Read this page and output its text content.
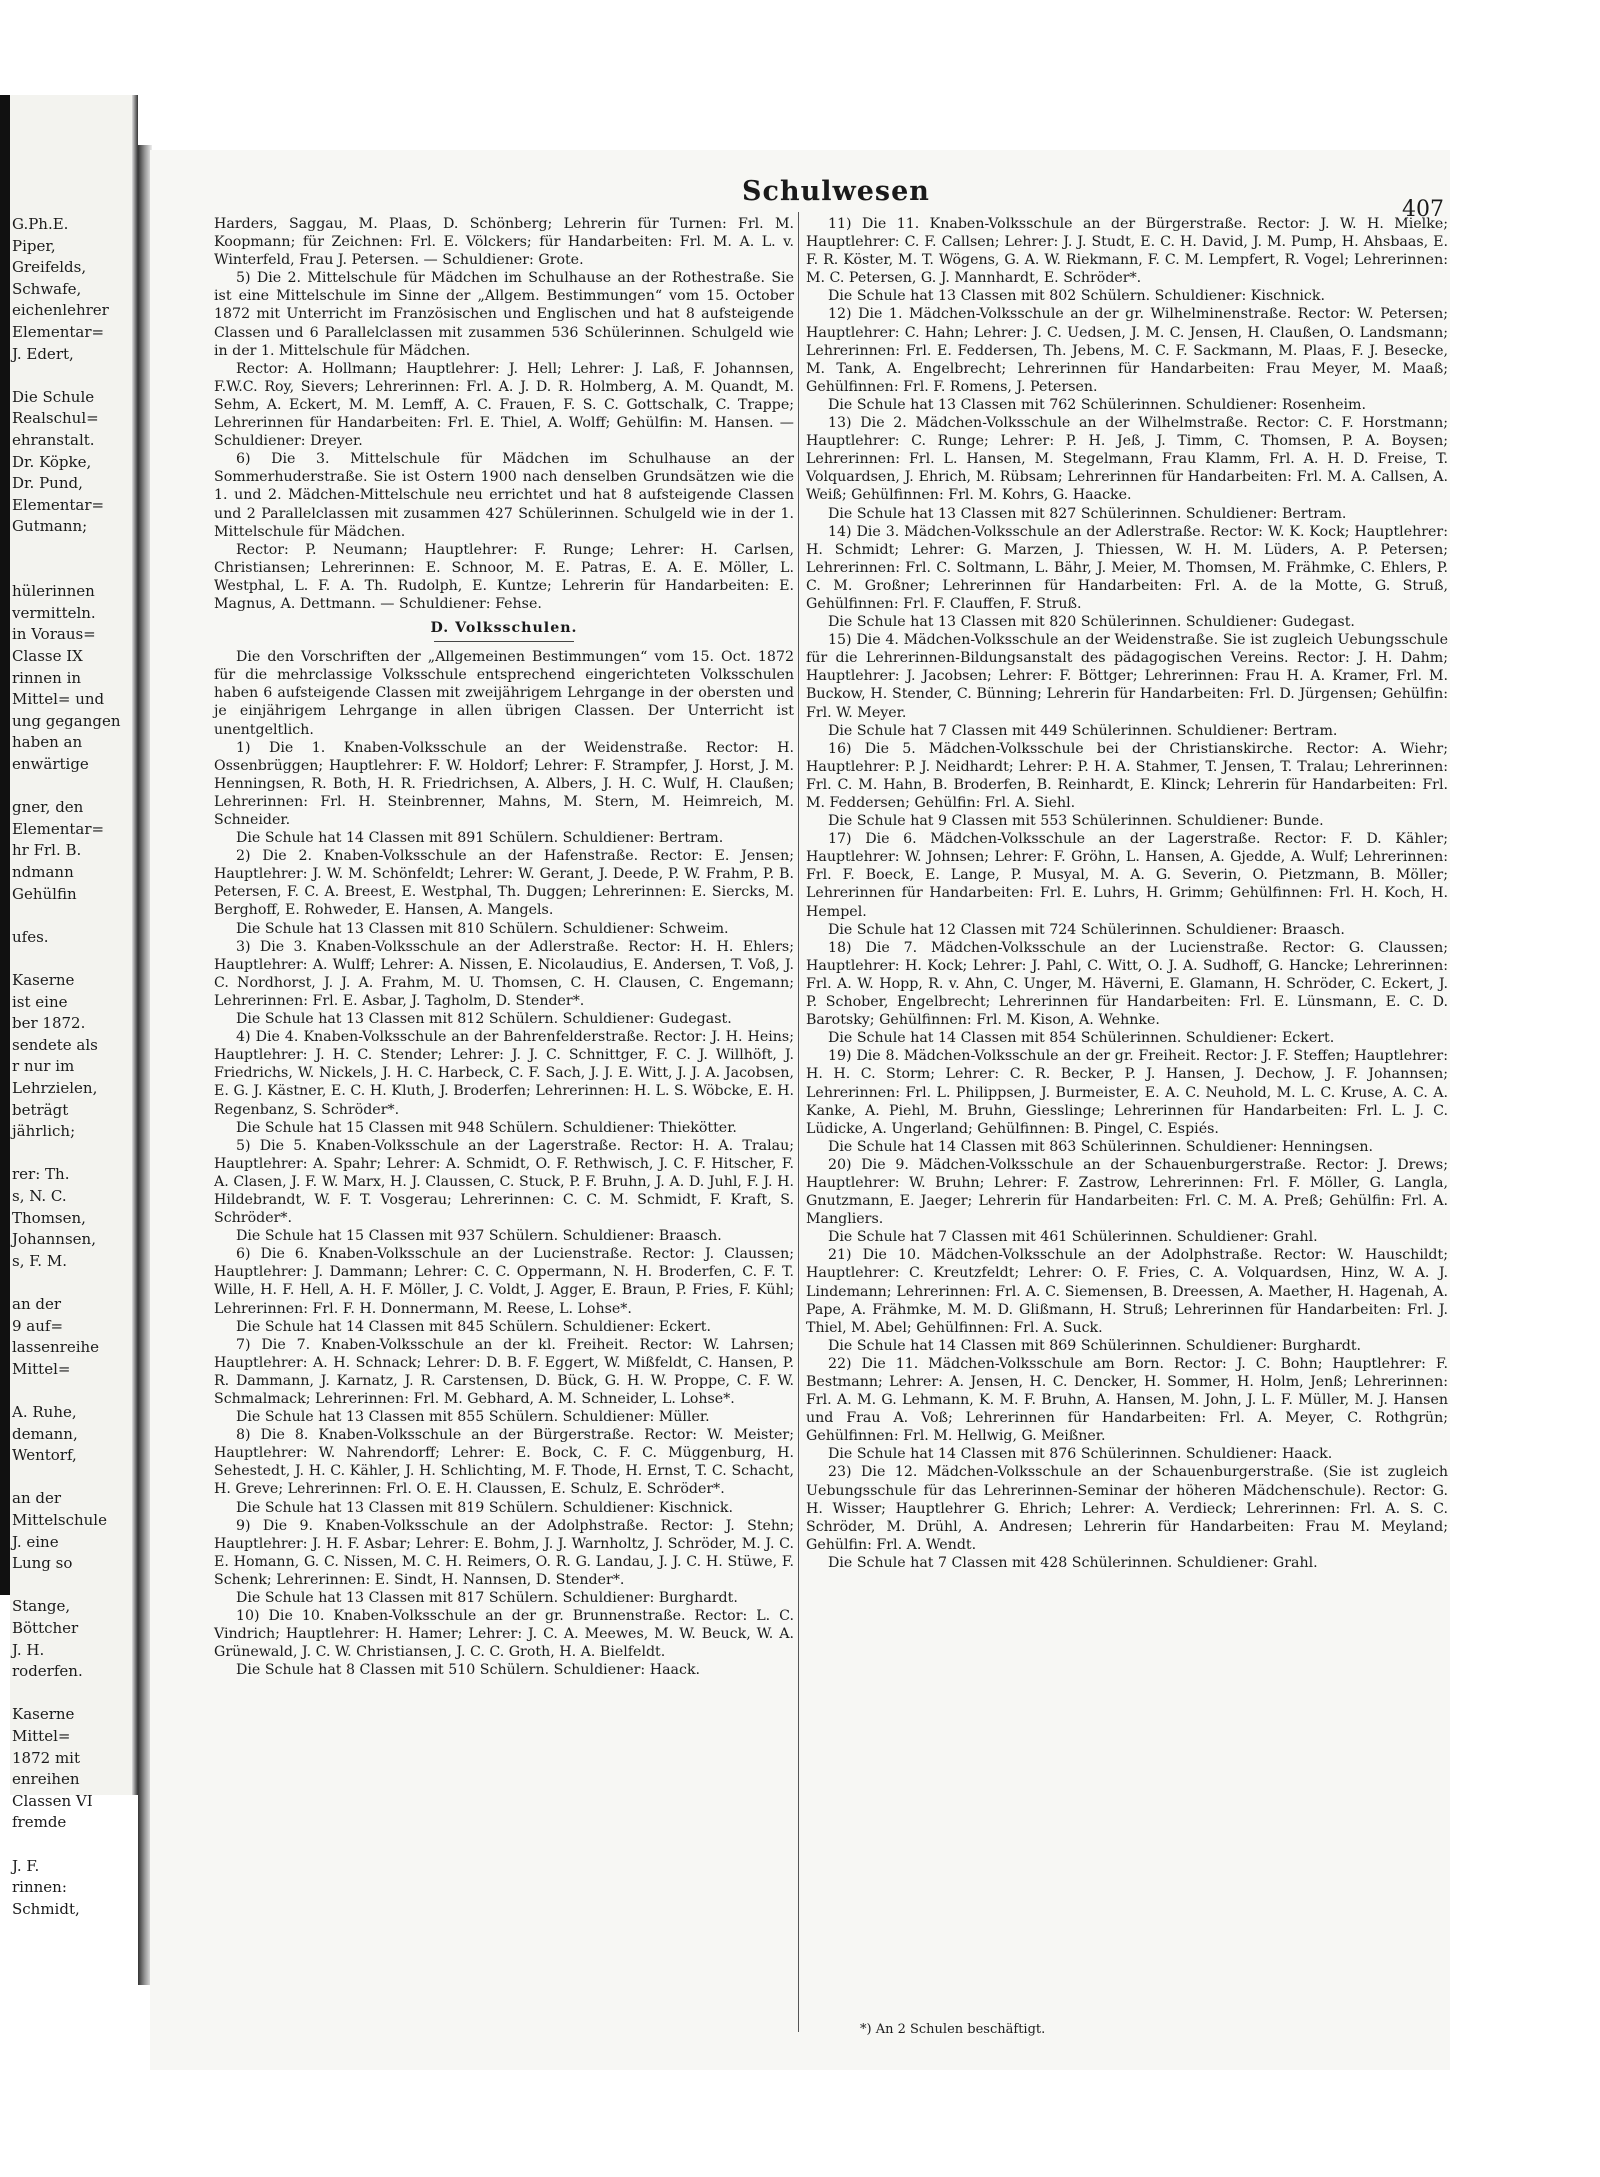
G.Ph.E.
Piper,
Greifelds,
Schwafe,
eichenlehrer
Elementar=
J. Edert,
Die Schule
Realschul=
ehranstalt.
Dr. Köpke,
Dr. Pund,
Elementar=
Gutmann;
hülerinnen
vermitteln.
in Voraus=
Classe IX
rinnen in
Mittel= und
ung gegangen
haben an
enwärtige
gner, den
Elementar=
hr Frl. B.
ndmann
Gehülfin
ufes.
Kaserne
ist eine
ber 1872.
sendete als
r nur im
Lehrzielen,
beträgt
jährlich;
rer: Th.
s, N. C.
Thomsen,
Johannsen,
s, F. M.
an der
9 auf=
lassenreihe
Mittel=
A. Ruhe,
demann,
Wentorf,
an der
Mittelschule
J. eine
Lung so
Stange,
Böttcher
J. H.
roderfen.
Kaserne
Mittel=
1872 mit
enreihen
Classen VI
fremde
J. F.
rinnen:
Schmidt,
Schulwesen
407

Harders, Saggau, M. Plaas, D. Schönberg; Lehrerin für Turnen: Frl. M. Koopmann; für Zeichnen: Frl. E. Völckers; für Handarbeiten: Frl. M. A. L. v. Winterfeld, Frau J. Petersen. — Schuldiener: Grote.

5) Die 2. Mittelschule für Mädchen im Schulhause an der Rothestraße. Sie ist eine Mittelschule im Sinne der „Allgem. Bestimmungen“ vom 15. October 1872 mit Unterricht im Französischen und Englischen und hat 8 aufsteigende Classen und 6 Parallelclassen mit zusammen 536 Schülerinnen. Schulgeld wie in der 1. Mittelschule für Mädchen.

Rector: A. Hollmann; Hauptlehrer: J. Hell; Lehrer: J. Laß, F. Johannsen, F.W.C. Roy, Sievers; Lehrerinnen: Frl. A. J. D. R. Holmberg, A. M. Quandt, M. Sehm, A. Eckert, M. M. Lemff, A. C. Frauen, F. S. C. Gottschalk, C. Trappe; Lehrerinnen für Handarbeiten: Frl. E. Thiel, A. Wolff; Gehülfin: M. Hansen. — Schuldiener: Dreyer.

6) Die 3. Mittelschule für Mädchen im Schulhause an der Sommerhuderstraße. Sie ist Ostern 1900 nach denselben Grundsätzen wie die 1. und 2. Mädchen-Mittelschule neu errichtet und hat 8 aufsteigende Classen und 2 Parallelclassen mit zusammen 427 Schülerinnen. Schulgeld wie in der 1. Mittelschule für Mädchen.

Rector: P. Neumann; Hauptlehrer: F. Runge; Lehrer: H. Carlsen, Christiansen; Lehrerinnen: E. Schnoor, M. E. Patras, E. A. E. Möller, L. Westphal, L. F. A. Th. Rudolph, E. Kuntze; Lehrerin für Handarbeiten: E. Magnus, A. Dettmann. — Schuldiener: Fehse.

D. Volksschulen.

Die den Vorschriften der „Allgemeinen Bestimmungen“ vom 15. Oct. 1872 für die mehrclassige Volksschule entsprechend eingerichteten Volksschulen haben 6 aufsteigende Classen mit zweijährigem Lehrgange in der obersten und je einjährigem Lehrgange in allen übrigen Classen. Der Unterricht ist unentgeltlich.

1) Die 1. Knaben-Volksschule an der Weidenstraße. Rector: H. Ossenbrüggen; Hauptlehrer: F. W. Holdorf; Lehrer: F. Strampfer, J. Horst, J. M. Henningsen, R. Both, H. R. Friedrichsen, A. Albers, J. H. C. Wulf, H. Claußen; Lehrerinnen: Frl. H. Steinbrenner, Mahns, M. Stern, M. Heimreich, M. Schneider.

Die Schule hat 14 Classen mit 891 Schülern. Schuldiener: Bertram.

2) Die 2. Knaben-Volksschule an der Hafenstraße. Rector: E. Jensen; Hauptlehrer: J. W. M. Schönfeldt; Lehrer: W. Gerant, J. Deede, P. W. Frahm, P. B. Petersen, F. C. A. Breest, E. Westphal, Th. Duggen; Lehrerinnen: E. Siercks, M. Berghoff, E. Rohweder, E. Hansen, A. Mangels.

Die Schule hat 13 Classen mit 810 Schülern. Schuldiener: Schweim.

3) Die 3. Knaben-Volksschule an der Adlerstraße. Rector: H. H. Ehlers; Hauptlehrer: A. Wulff; Lehrer: A. Nissen, E. Nicolaudius, E. Andersen, T. Voß, J. C. Nordhorst, J. J. A. Frahm, M. U. Thomsen, C. H. Clausen, C. Engemann; Lehrerinnen: Frl. E. Asbar, J. Tagholm, D. Stender*.

Die Schule hat 13 Classen mit 812 Schülern. Schuldiener: Gudegast.

4) Die 4. Knaben-Volksschule an der Bahrenfelderstraße. Rector: J. H. Heins; Hauptlehrer: J. H. C. Stender; Lehrer: J. J. C. Schnittger, F. C. J. Willhöft, J. Friedrichs, W. Nickels, J. H. C. Harbeck, C. F. Sach, J. J. E. Witt, J. J. A. Jacobsen, E. G. J. Kästner, E. C. H. Kluth, J. Broderfen; Lehrerinnen: H. L. S. Wöbcke, E. H. Regenbanz, S. Schröder*.

Die Schule hat 15 Classen mit 948 Schülern. Schuldiener: Thiekötter.

5) Die 5. Knaben-Volksschule an der Lagerstraße. Rector: H. A. Tralau; Hauptlehrer: A. Spahr; Lehrer: A. Schmidt, O. F. Rethwisch, J. C. F. Hitscher, F. A. Clasen, J. F. W. Marx, H. J. Claussen, C. Stuck, P. F. Bruhn, J. A. D. Juhl, F. J. H. Hildebrandt, W. F. T. Vosgerau; Lehrerinnen: C. C. M. Schmidt, F. Kraft, S. Schröder*.

Die Schule hat 15 Classen mit 937 Schülern. Schuldiener: Braasch.

6) Die 6. Knaben-Volksschule an der Lucienstraße. Rector: J. Claussen; Hauptlehrer: J. Dammann; Lehrer: C. C. Oppermann, N. H. Broderfen, C. F. T. Wille, H. F. Hell, A. H. F. Möller, J. C. Voldt, J. Agger, E. Braun, P. Fries, F. Kühl; Lehrerinnen: Frl. F. H. Donnermann, M. Reese, L. Lohse*.

Die Schule hat 14 Classen mit 845 Schülern. Schuldiener: Eckert.

7) Die 7. Knaben-Volksschule an der kl. Freiheit. Rector: W. Lahrsen; Hauptlehrer: A. H. Schnack; Lehrer: D. B. F. Eggert, W. Mißfeldt, C. Hansen, P. R. Dammann, J. Karnatz, J. R. Carstensen, D. Bück, G. H. W. Proppe, C. F. W. Schmalmack; Lehrerinnen: Frl. M. Gebhard, A. M. Schneider, L. Lohse*.

Die Schule hat 13 Classen mit 855 Schülern. Schuldiener: Müller.

8) Die 8. Knaben-Volksschule an der Bürgerstraße. Rector: W. Meister; Hauptlehrer: W. Nahrendorff; Lehrer: E. Bock, C. F. C. Müggenburg, H. Sehestedt, J. H. C. Kähler, J. H. Schlichting, M. F. Thode, H. Ernst, T. C. Schacht, H. Greve; Lehrerinnen: Frl. O. E. H. Claussen, E. Schulz, E. Schröder*.

Die Schule hat 13 Classen mit 819 Schülern. Schuldiener: Kischnick.

9) Die 9. Knaben-Volksschule an der Adolphstraße. Rector: J. Stehn; Hauptlehrer: J. H. F. Asbar; Lehrer: E. Bohm, J. J. Warnholtz, J. Schröder, M. J. C. E. Homann, G. C. Nissen, M. C. H. Reimers, O. R. G. Landau, J. J. C. H. Stüwe, F. Schenk; Lehrerinnen: E. Sindt, H. Nannsen, D. Stender*.

Die Schule hat 13 Classen mit 817 Schülern. Schuldiener: Burghardt.

10) Die 10. Knaben-Volksschule an der gr. Brunnenstraße. Rector: L. C. Vindrich; Hauptlehrer: H. Hamer; Lehrer: J. C. A. Meewes, M. W. Beuck, W. A. Grünewald, J. C. W. Christiansen, J. C. C. Groth, H. A. Bielfeldt.

Die Schule hat 8 Classen mit 510 Schülern. Schuldiener: Haack.

11) Die 11. Knaben-Volksschule an der Bürgerstraße. Rector: J. W. H. Mielke; Hauptlehrer: C. F. Callsen; Lehrer: J. J. Studt, E. C. H. David, J. M. Pump, H. Ahsbaas, E. F. R. Köster, M. T. Wögens, G. A. W. Riekmann, F. C. M. Lempfert, R. Vogel; Lehrerinnen: M. C. Petersen, G. J. Mannhardt, E. Schröder*.

Die Schule hat 13 Classen mit 802 Schülern. Schuldiener: Kischnick.

12) Die 1. Mädchen-Volksschule an der gr. Wilhelminenstraße. Rector: W. Petersen; Hauptlehrer: C. Hahn; Lehrer: J. C. Uedsen, J. M. C. Jensen, H. Claußen, O. Landsmann; Lehrerinnen: Frl. E. Feddersen, Th. Jebens, M. C. F. Sackmann, M. Plaas, F. J. Besecke, M. Tank, A. Engelbrecht; Lehrerinnen für Handarbeiten: Frau Meyer, M. Maaß; Gehülfinnen: Frl. F. Romens, J. Petersen.

Die Schule hat 13 Classen mit 762 Schülerinnen. Schuldiener: Rosenheim.

13) Die 2. Mädchen-Volksschule an der Wilhelmstraße. Rector: C. F. Horstmann; Hauptlehrer: C. Runge; Lehrer: P. H. Jeß, J. Timm, C. Thomsen, P. A. Boysen; Lehrerinnen: Frl. L. Hansen, M. Stegelmann, Frau Klamm, Frl. A. H. D. Freise, T. Volquardsen, J. Ehrich, M. Rübsam; Lehrerinnen für Handarbeiten: Frl. M. A. Callsen, A. Weiß; Gehülfinnen: Frl. M. Kohrs, G. Haacke.

Die Schule hat 13 Classen mit 827 Schülerinnen. Schuldiener: Bertram.

14) Die 3. Mädchen-Volksschule an der Adlerstraße. Rector: W. K. Kock; Hauptlehrer: H. Schmidt; Lehrer: G. Marzen, J. Thiessen, W. H. M. Lüders, A. P. Petersen; Lehrerinnen: Frl. C. Soltmann, L. Bähr, J. Meier, M. Thomsen, M. Frähmke, C. Ehlers, P. C. M. Großner; Lehrerinnen für Handarbeiten: Frl. A. de la Motte, G. Struß, Gehülfinnen: Frl. F. Clauffen, F. Struß.

Die Schule hat 13 Classen mit 820 Schülerinnen. Schuldiener: Gudegast.

15) Die 4. Mädchen-Volksschule an der Weidenstraße. Sie ist zugleich Uebungsschule für die Lehrerinnen-Bildungsanstalt des pädagogischen Vereins. Rector: J. H. Dahm; Hauptlehrer: J. Jacobsen; Lehrer: F. Böttger; Lehrerinnen: Frau H. A. Kramer, Frl. M. Buckow, H. Stender, C. Bünning; Lehrerin für Handarbeiten: Frl. D. Jürgensen; Gehülfin: Frl. W. Meyer.

Die Schule hat 7 Classen mit 449 Schülerinnen. Schuldiener: Bertram.

16) Die 5. Mädchen-Volksschule bei der Christianskirche. Rector: A. Wiehr; Hauptlehrer: P. J. Neidhardt; Lehrer: P. H. A. Stahmer, T. Jensen, T. Tralau; Lehrerinnen: Frl. C. M. Hahn, B. Broderfen, B. Reinhardt, E. Klinck; Lehrerin für Handarbeiten: Frl. M. Feddersen; Gehülfin: Frl. A. Siehl.

Die Schule hat 9 Classen mit 553 Schülerinnen. Schuldiener: Bunde.

17) Die 6. Mädchen-Volksschule an der Lagerstraße. Rector: F. D. Kähler; Hauptlehrer: W. Johnsen; Lehrer: F. Gröhn, L. Hansen, A. Gjedde, A. Wulf; Lehrerinnen: Frl. F. Boeck, E. Lange, P. Musyal, M. A. G. Severin, O. Pietzmann, B. Möller; Lehrerinnen für Handarbeiten: Frl. E. Luhrs, H. Grimm; Gehülfinnen: Frl. H. Koch, H. Hempel.

Die Schule hat 12 Classen mit 724 Schülerinnen. Schuldiener: Braasch.

18) Die 7. Mädchen-Volksschule an der Lucienstraße. Rector: G. Claussen; Hauptlehrer: H. Kock; Lehrer: J. Pahl, C. Witt, O. J. A. Sudhoff, G. Hancke; Lehrerinnen: Frl. A. W. Hopp, R. v. Ahn, C. Unger, M. Häverni, E. Glamann, H. Schröder, C. Eckert, J. P. Schober, Engelbrecht; Lehrerinnen für Handarbeiten: Frl. E. Lünsmann, E. C. D. Barotsky; Gehülfinnen: Frl. M. Kison, A. Wehnke.

Die Schule hat 14 Classen mit 854 Schülerinnen. Schuldiener: Eckert.

19) Die 8. Mädchen-Volksschule an der gr. Freiheit. Rector: J. F. Steffen; Hauptlehrer: H. H. C. Storm; Lehrer: C. R. Becker, P. J. Hansen, J. Dechow, J. F. Johannsen; Lehrerinnen: Frl. L. Philippsen, J. Burmeister, E. A. C. Neuhold, M. L. C. Kruse, A. C. A. Kanke, A. Piehl, M. Bruhn, Giesslinge; Lehrerinnen für Handarbeiten: Frl. L. J. C. Lüdicke, A. Ungerland; Gehülfinnen: B. Pingel, C. Espiés.

Die Schule hat 14 Classen mit 863 Schülerinnen. Schuldiener: Henningsen.

20) Die 9. Mädchen-Volksschule an der Schauenburgerstraße. Rector: J. Drews; Hauptlehrer: W. Bruhn; Lehrer: F. Zastrow, Lehrerinnen: Frl. F. Möller, G. Langla, Gnutzmann, E. Jaeger; Lehrerin für Handarbeiten: Frl. C. M. A. Preß; Gehülfin: Frl. A. Mangliers.

Die Schule hat 7 Classen mit 461 Schülerinnen. Schuldiener: Grahl.

21) Die 10. Mädchen-Volksschule an der Adolphstraße. Rector: W. Hauschildt; Hauptlehrer: C. Kreutzfeldt; Lehrer: O. F. Fries, C. A. Volquardsen, Hinz, W. A. J. Lindemann; Lehrerinnen: Frl. A. C. Siemensen, B. Dreessen, A. Maether, H. Hagenah, A. Pape, A. Frähmke, M. M. D. Glißmann, H. Struß; Lehrerinnen für Handarbeiten: Frl. J. Thiel, M. Abel; Gehülfinnen: Frl. A. Suck.

Die Schule hat 14 Classen mit 869 Schülerinnen. Schuldiener: Burghardt.

22) Die 11. Mädchen-Volksschule am Born. Rector: J. C. Bohn; Hauptlehrer: F. Bestmann; Lehrer: A. Jensen, H. C. Dencker, H. Sommer, H. Holm, Jenß; Lehrerinnen: Frl. A. M. G. Lehmann, K. M. F. Bruhn, A. Hansen, M. John, J. L. F. Müller, M. J. Hansen und Frau A. Voß; Lehrerinnen für Handarbeiten: Frl. A. Meyer, C. Rothgrün; Gehülfinnen: Frl. M. Hellwig, G. Meißner.

Die Schule hat 14 Classen mit 876 Schülerinnen. Schuldiener: Haack.

23) Die 12. Mädchen-Volksschule an der Schauenburgerstraße. (Sie ist zugleich Uebungsschule für das Lehrerinnen-Seminar der höheren Mädchenschule). Rector: G. H. Wisser; Hauptlehrer G. Ehrich; Lehrer: A. Verdieck; Lehrerinnen: Frl. A. S. C. Schröder, M. Drühl, A. Andresen; Lehrerin für Handarbeiten: Frau M. Meyland; Gehülfin: Frl. A. Wendt.

Die Schule hat 7 Classen mit 428 Schülerinnen. Schuldiener: Grahl.

*) An 2 Schulen beschäftigt.
